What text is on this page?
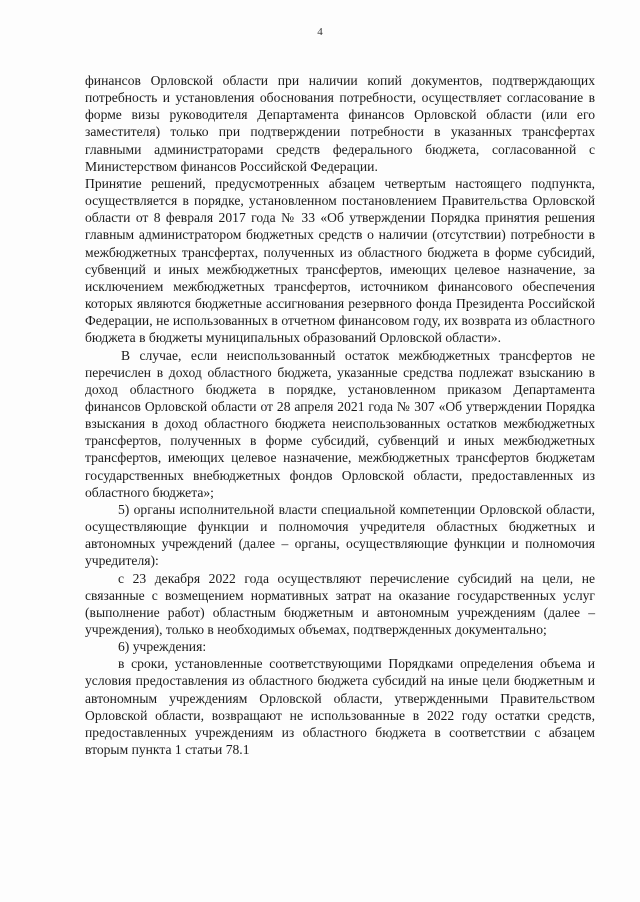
4

финансов Орловской области при наличии копий документов, подтверждающих потребность и установления обоснования потребности, осуществляет согласование в форме визы руководителя Департамента финансов Орловской области (или его заместителя) только при подтверждении потребности в указанных трансфертах главными администраторами средств федерального бюджета, согласованной с Министерством финансов Российской Федерации.

Принятие решений, предусмотренных абзацем четвертым настоящего подпункта, осуществляется в порядке, установленном постановлением Правительства Орловской области от 8 февраля 2017 года № 33 «Об утверждении Порядка принятия решения главным администратором бюджетных средств о наличии (отсутствии) потребности в межбюджетных трансфертах, полученных из областного бюджета в форме субсидий, субвенций и иных межбюджетных трансфертов, имеющих целевое назначение, за исключением межбюджетных трансфертов, источником финансового обеспечения которых являются бюджетные ассигнования резервного фонда Президента Российской Федерации, не использованных в отчетном финансовом году, их возврата из областного бюджета в бюджеты муниципальных образований Орловской области».

В случае, если неиспользованный остаток межбюджетных трансфертов не перечислен в доход областного бюджета, указанные средства подлежат взысканию в доход областного бюджета в порядке, установленном приказом Департамента финансов Орловской области от 28 апреля 2021 года № 307 «Об утверждении Порядка взыскания в доход областного бюджета неиспользованных остатков межбюджетных трансфертов, полученных в форме субсидий, субвенций и иных межбюджетных трансфертов, имеющих целевое назначение, межбюджетных трансфертов бюджетам государственных внебюджетных фондов Орловской области, предоставленных из областного бюджета»;

5) органы исполнительной власти специальной компетенции Орловской области, осуществляющие функции и полномочия учредителя областных бюджетных и автономных учреждений (далее – органы, осуществляющие функции и полномочия учредителя):

с 23 декабря 2022 года осуществляют перечисление субсидий на цели, не связанные с возмещением нормативных затрат на оказание государственных услуг (выполнение работ) областным бюджетным и автономным учреждениям (далее – учреждения), только в необходимых объемах, подтвержденных документально;

6) учреждения:

в сроки, установленные соответствующими Порядками определения объема и условия предоставления из областного бюджета субсидий на иные цели бюджетным и автономным учреждениям Орловской области, утвержденными Правительством Орловской области, возвращают не использованные в 2022 году остатки средств, предоставленных учреждениям из областного бюджета в соответствии с абзацем вторым пункта 1 статьи 78.1
